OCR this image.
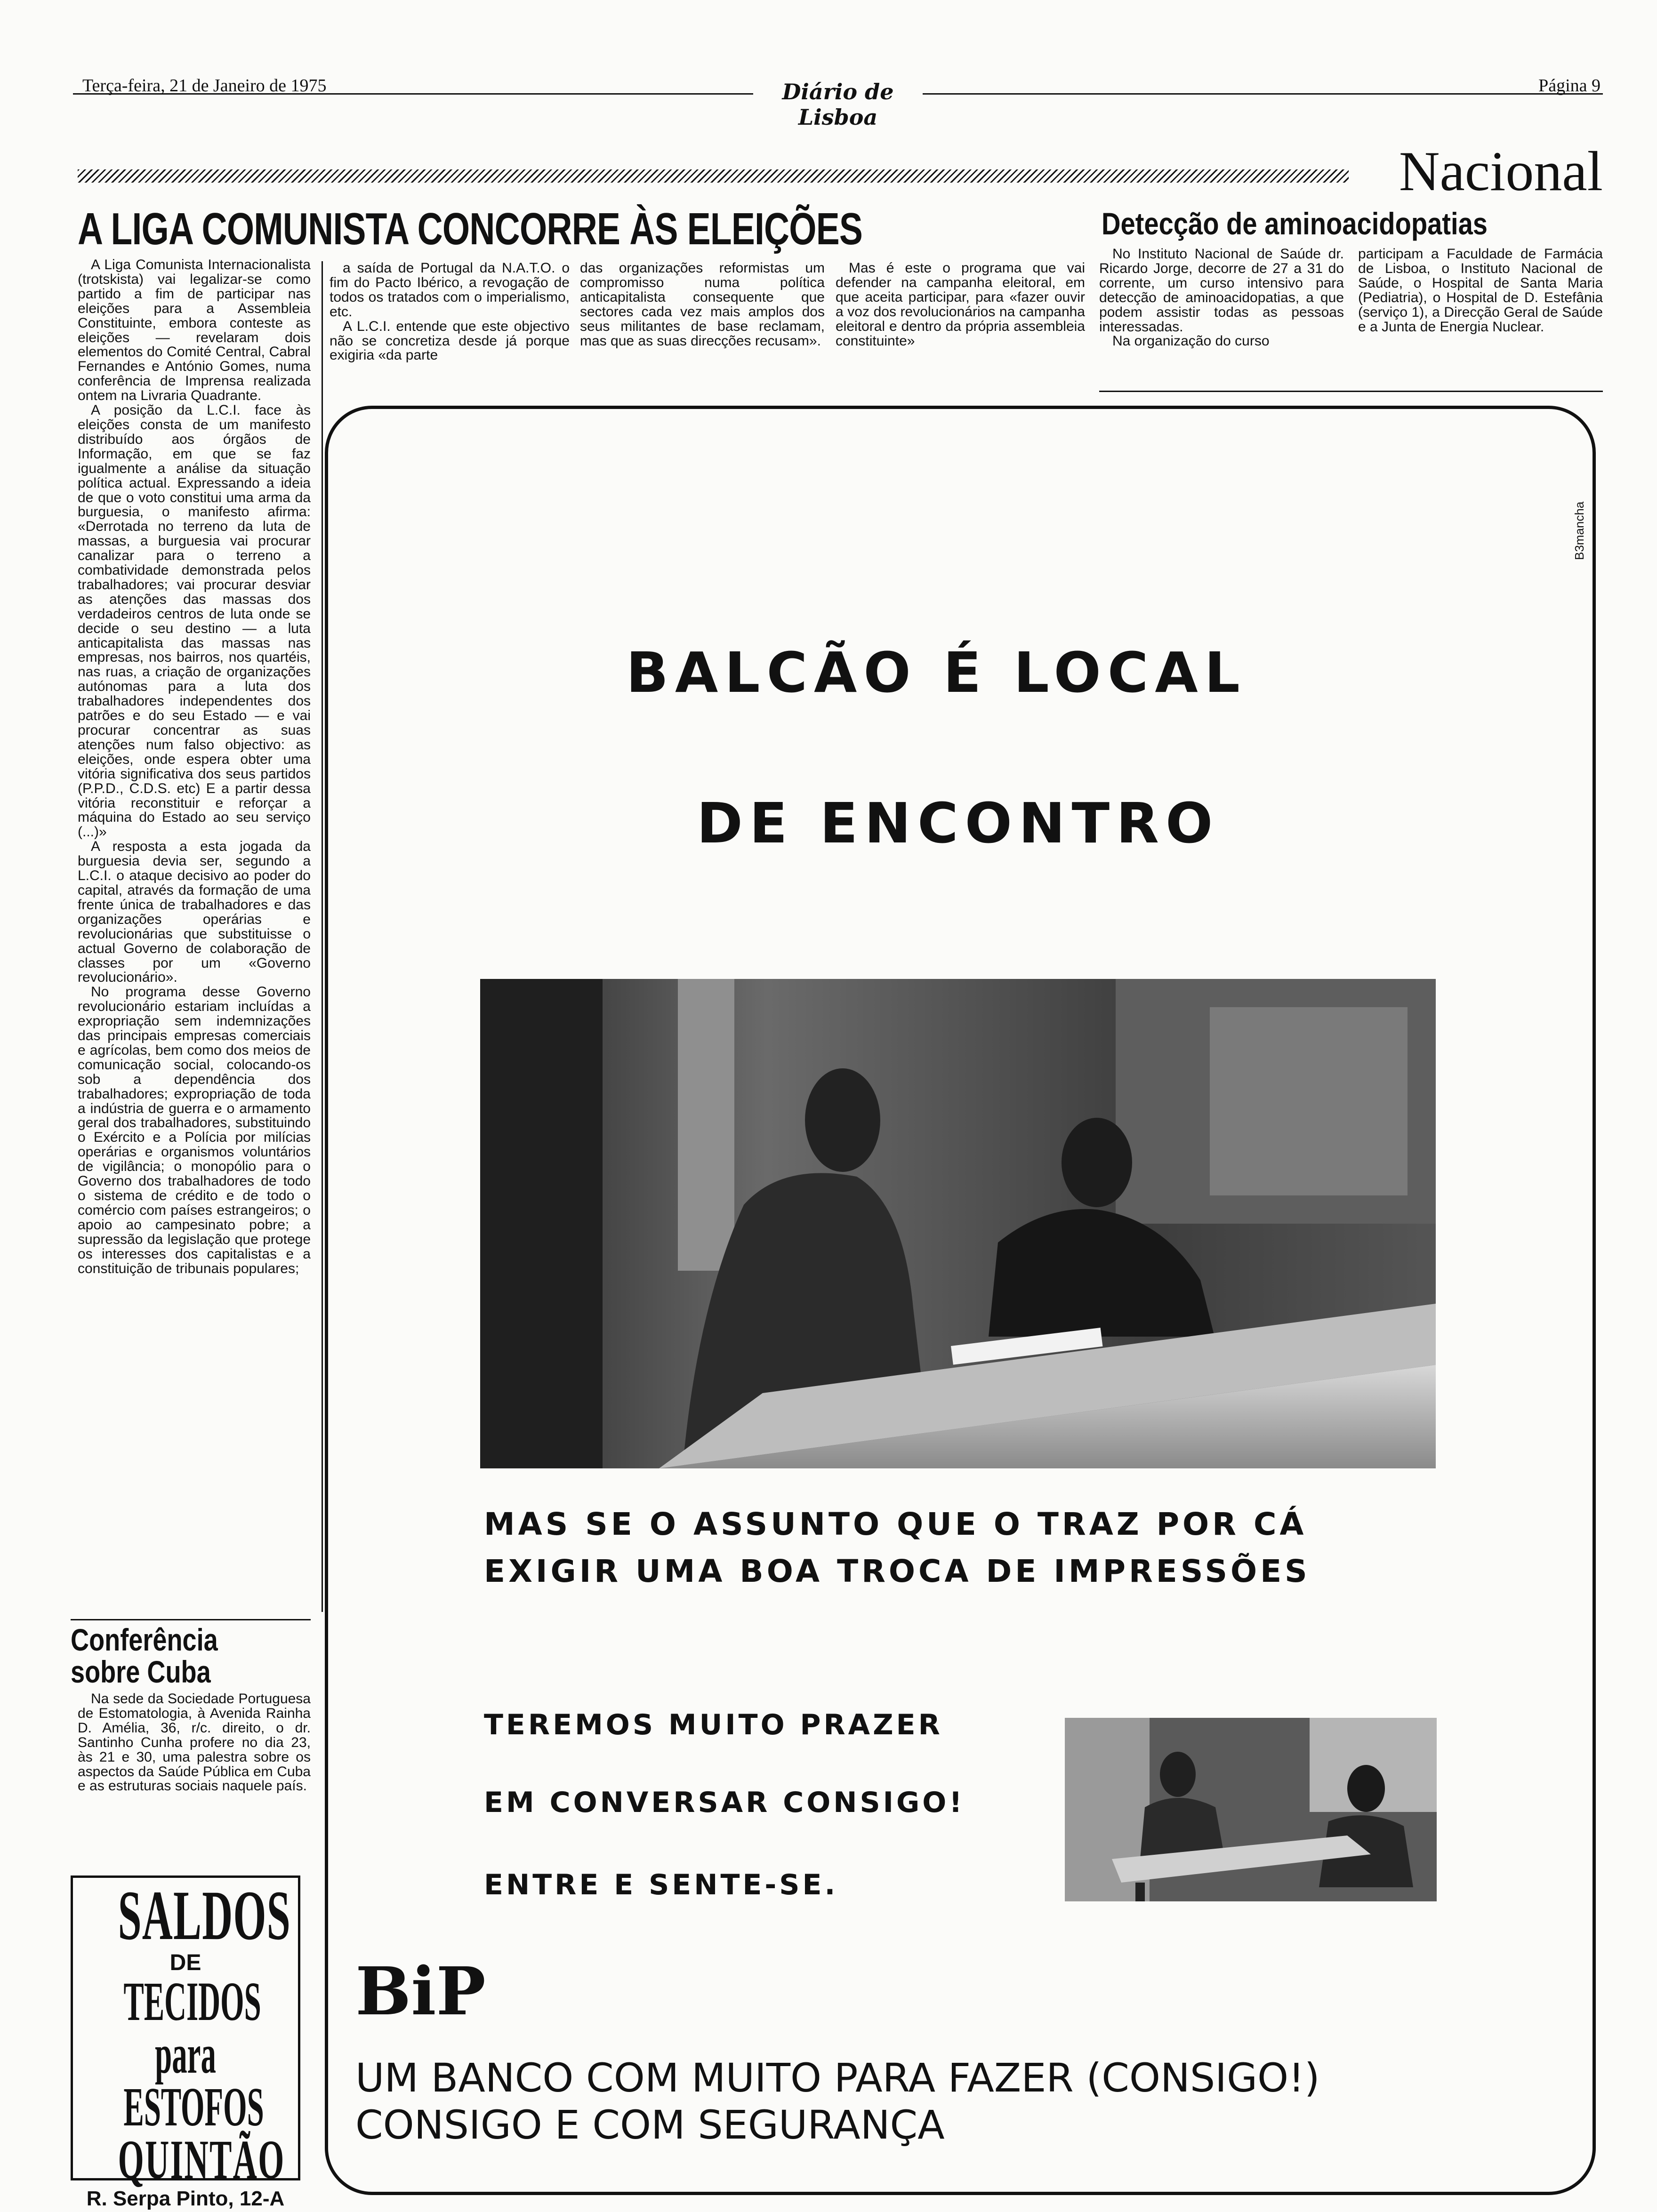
Terça-feira, 21 de Janeiro de 1975	Diário de Lisboa
Página 9
Nacional
A LIGA COMUNISTA CONCORRE ÀS ELEIÇÕES

A Liga Comunista Internacionalista (trotskista) vai legalizar-se como partido a fim de participar nas eleições para a Assembleia Constituinte, embora conteste as eleições — revelaram dois elementos do Comité Central, Cabral Fernandes e António Gomes, numa conferência de Imprensa realizada ontem na Livraria Quadrante.

A posição da L.C.I. face às eleições consta de um manifesto distribuído aos órgãos de Informação, em que se faz igualmente a análise da situação política actual. Expressando a ideia de que o voto constitui uma arma da burguesia, o manifesto afirma: «Derrotada no terreno da luta de massas, a burguesia vai procurar canalizar para o terreno a combatividade demonstrada pelos trabalhadores; vai procurar desviar as atenções das massas dos verdadeiros centros de luta onde se decide o seu destino — a luta anticapitalista das massas nas empresas, nos bairros, nos quartéis, nas ruas, a criação de organizações autónomas para a luta dos trabalhadores independentes dos patrões e do seu Estado — e vai procurar concentrar as suas atenções num falso objectivo: as eleições, onde espera obter uma vitória significativa dos seus partidos (P.P.D., C.D.S. etc) E a partir dessa vitória reconstituir e reforçar a máquina do Estado ao seu serviço (...)»

A resposta a esta jogada da burguesia devia ser, segundo a L.C.I. o ataque decisivo ao poder do capital, através da formação de uma frente única de trabalhadores e das organizações operárias e revolucionárias que substituisse o actual Governo de colaboração de classes por um «Governo revolucionário».

No programa desse Governo revolucionário estariam incluídas a expropriação sem indemnizações das principais empresas comerciais e agrícolas, bem como dos meios de comunicação social, colocando-os sob a dependência dos trabalhadores; expropriação de toda a indústria de guerra e o armamento geral dos trabalhadores, substituindo o Exército e a Polícia por milícias operárias e organismos voluntários de vigilância; o monopólio para o Governo dos trabalhadores de todo o sistema de crédito e de todo o comércio com países estrangeiros; o apoio ao campesinato pobre; a supressão da legislação que protege os interesses dos capitalistas e a constituição de tribunais populares;

a saída de Portugal da N.A.T.O. o fim do Pacto Ibérico, a revogação de todos os tratados com o imperialismo, etc.

A L.C.I. entende que este objectivo não se concretiza desde já porque exigiria «da parte

das organizações reformistas um compromisso numa política anticapitalista consequente que sectores cada vez mais amplos dos seus militantes de base reclamam, mas que as suas direcções recusam».

Mas é este o programa que vai defender na campanha eleitoral, em que aceita participar, para «fazer ouvir a voz dos revolucionários na campanha eleitoral e dentro da própria assembleia constituinte»

Detecção de aminoacidopatias

No Instituto Nacional de Saúde dr. Ricardo Jorge, decorre de 27 a 31 do corrente, um curso intensivo para detecção de aminoacidopatias, a que podem assistir todas as pessoas interessadas.

Na organização do curso

participam a Faculdade de Farmácia de Lisboa, o Instituto Nacional de Saúde, o Hospital de Santa Maria (Pediatria), o Hospital de D. Estefânia (serviço 1), a Direcção Geral de Saúde e a Junta de Energia Nuclear.

Conferência
sobre Cuba

Na sede da Sociedade Portuguesa de Estomatologia, à Avenida Rainha D. Amélia, 36, r/c. direito, o dr. Santinho Cunha profere no dia 23, às 21 e 30, uma palestra sobre os aspectos da Saúde Pública em Cuba e as estruturas sociais naquele país.

SALDOS
DE
TECIDOS
para ESTOFOS
QUINTÃO
R. Serpa Pinto, 12-A
B3mancha
BALCÃO É LOCAL
DE ENCONTRO
MAS SE O ASSUNTO QUE O TRAZ POR CÁ
EXIGIR UMA BOA TROCA DE IMPRESSÕES
TEREMOS MUITO PRAZER
EM CONVERSAR CONSIGO!
ENTRE E SENTE-SE.
BiP
UM BANCO COM MUITO PARA FAZER (CONSIGO!)
CONSIGO E COM SEGURANÇA
